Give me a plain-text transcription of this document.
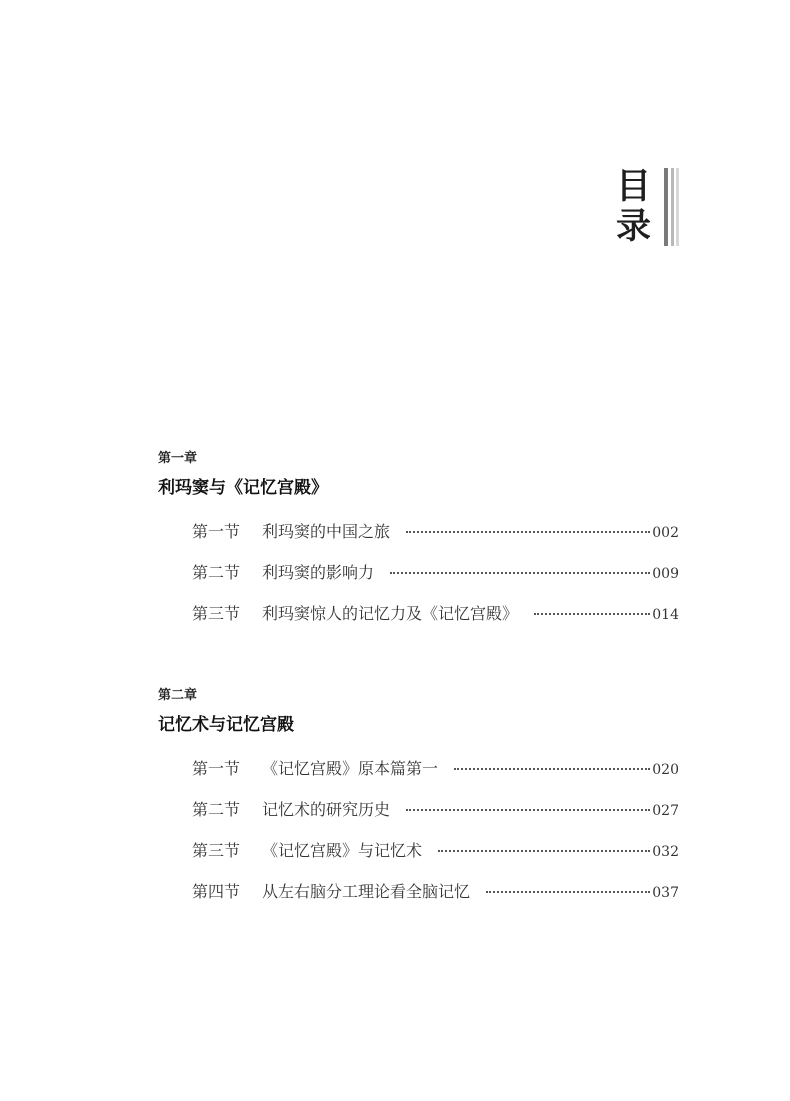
目
录
第一章
利玛窦与《记忆宫殿》
第一节	利玛窦的中国之旅	002
第二节	利玛窦的影响力	009
第三节	利玛窦惊人的记忆力及《记忆宫殿》	014
第二章
记忆术与记忆宫殿
第一节	《记忆宫殿》原本篇第一	020
第二节	记忆术的研究历史	027
第三节	《记忆宫殿》与记忆术	032
第四节	从左右脑分工理论看全脑记忆	037
